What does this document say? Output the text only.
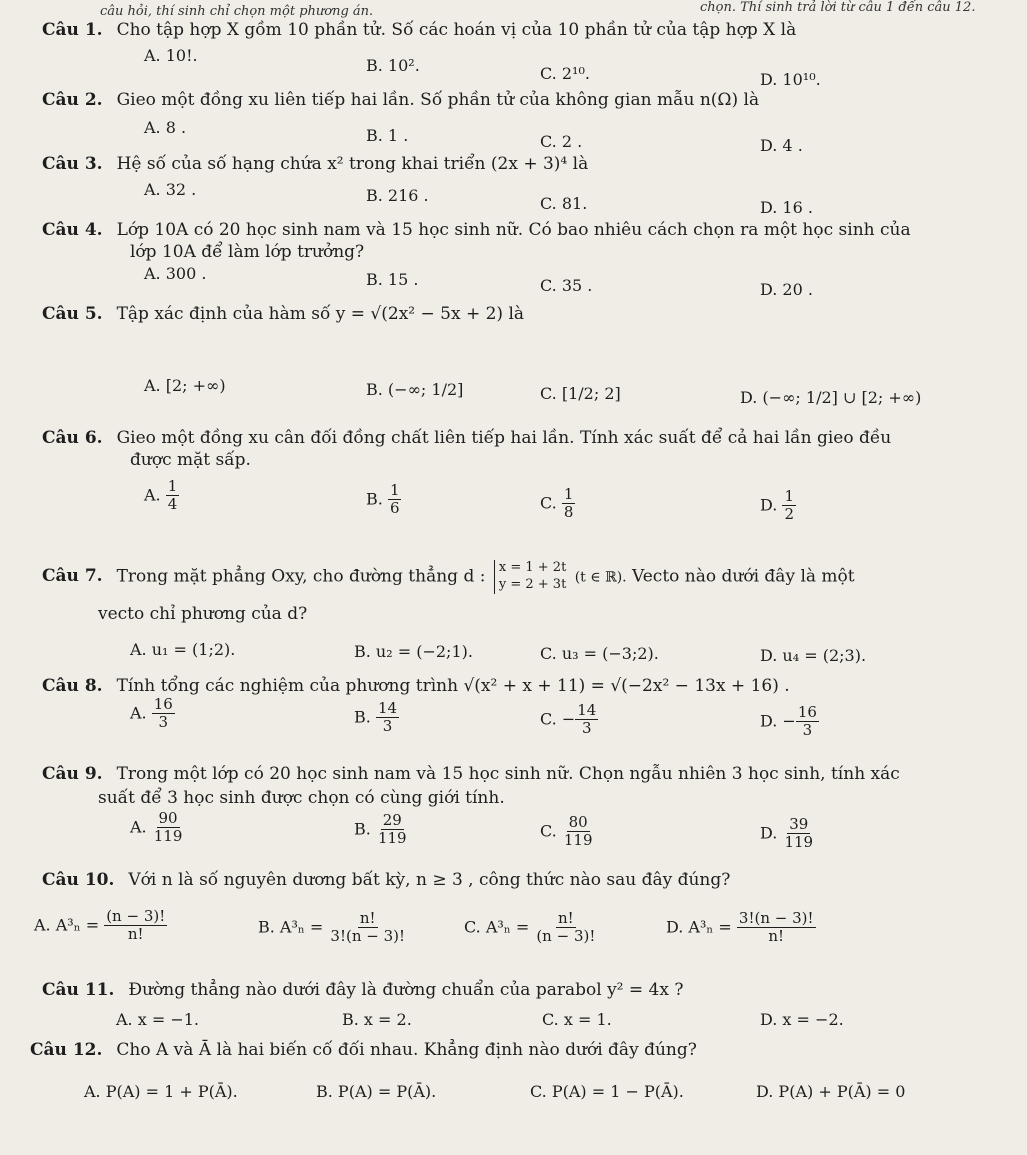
câu hỏi, thí sinh chỉ chọn một phương án.	chọn. Thí sinh trả lời từ câu 1 đến câu 12.
Câu 1. Cho tập hợp X gồm 10 phần tử. Số các hoán vị của 10 phần tử của tập hợp X là
A. 10!.
B. 10².	C. 2¹⁰.	D. 10¹⁰.
Câu 2. Gieo một đồng xu liên tiếp hai lần. Số phần tử của không gian mẫu n(Ω) là
A. 8 .	B. 1 .	C. 2 .	D. 4 .
Câu 3. Hệ số của số hạng chứa x² trong khai triển (2x + 3)⁴ là
A. 32 .	B. 216 .	C. 81.	D. 16 .
Câu 4. Lớp 10A có 20 học sinh nam và 15 học sinh nữ. Có bao nhiêu cách chọn ra một học sinh của
lớp 10A để làm lớp trưởng?
A. 300 .	B. 15 .	C. 35 .	D. 20 .
Câu 5. Tập xác định của hàm số y = √(2x² − 5x + 2) là
A. [2; +∞)	B. (−∞; 1/2]	C. [1/2; 2]	D. (−∞; 1/2] ∪ [2; +∞)
Câu 6. Gieo một đồng xu cân đối đồng chất liên tiếp hai lần. Tính xác suất để cả hai lần gieo đều
được mặt sấp.
A. $\frac{1}{4}$	B. $\frac{1}{6}$	C. $\frac{1}{8}$	D. $\frac{1}{2}$
Câu 7. Trong mặt phẳng Oxy, cho đường thẳng d : x = 1 + 2t
y = 2 + 3t (t ∈ ℝ). Vecto nào dưới đây là một
vecto chỉ phương của d?
A. u₁ = (1;2).	B. u₂ = (−2;1).	C. u₃ = (−3;2).	D. u₄ = (2;3).
Câu 8. Tính tổng các nghiệm của phương trình √(x² + x + 11) = √(−2x² − 13x + 16) .
A. $\frac{16}{3}$	B. $\frac{14}{3}$	C. − $\frac{14}{3}$	D. − $\frac{16}{3}$
Câu 9. Trong một lớp có 20 học sinh nam và 15 học sinh nữ. Chọn ngẫu nhiên 3 học sinh, tính xác
suất để 3 học sinh được chọn có cùng giới tính.
A. $\frac{90}{119}$	B. $\frac{29}{119}$	C. $\frac{80}{119}$	D. $\frac{39}{119}$
Câu 10. Với n là số nguyên dương bất kỳ, n ≥ 3 , công thức nào sau đây đúng?
A. $A^3_n = \frac{(n - 3)!}{n!}$	B. $A^3_n = \frac{n!}{3!(n - 3)!}$	C. $A^3_n = \frac{n!}{(n - 3)!}$	D. $A^3_n = \frac{3!(n - 3)!}{n!}$
Câu 11. Đường thẳng nào dưới đây là đường chuẩn của parabol y² = 4x ?
A. x = −1.	B. x = 2.	C. x = 1.	D. x = −2.
Câu 12. Cho A và Ā là hai biến cố đối nhau. Khẳng định nào dưới đây đúng?
A. P(A) = 1 + P(Ā).	B. P(A) = P(Ā).	C. P(A) = 1 − P(Ā).	D. P(A) + P(Ā) = 0
